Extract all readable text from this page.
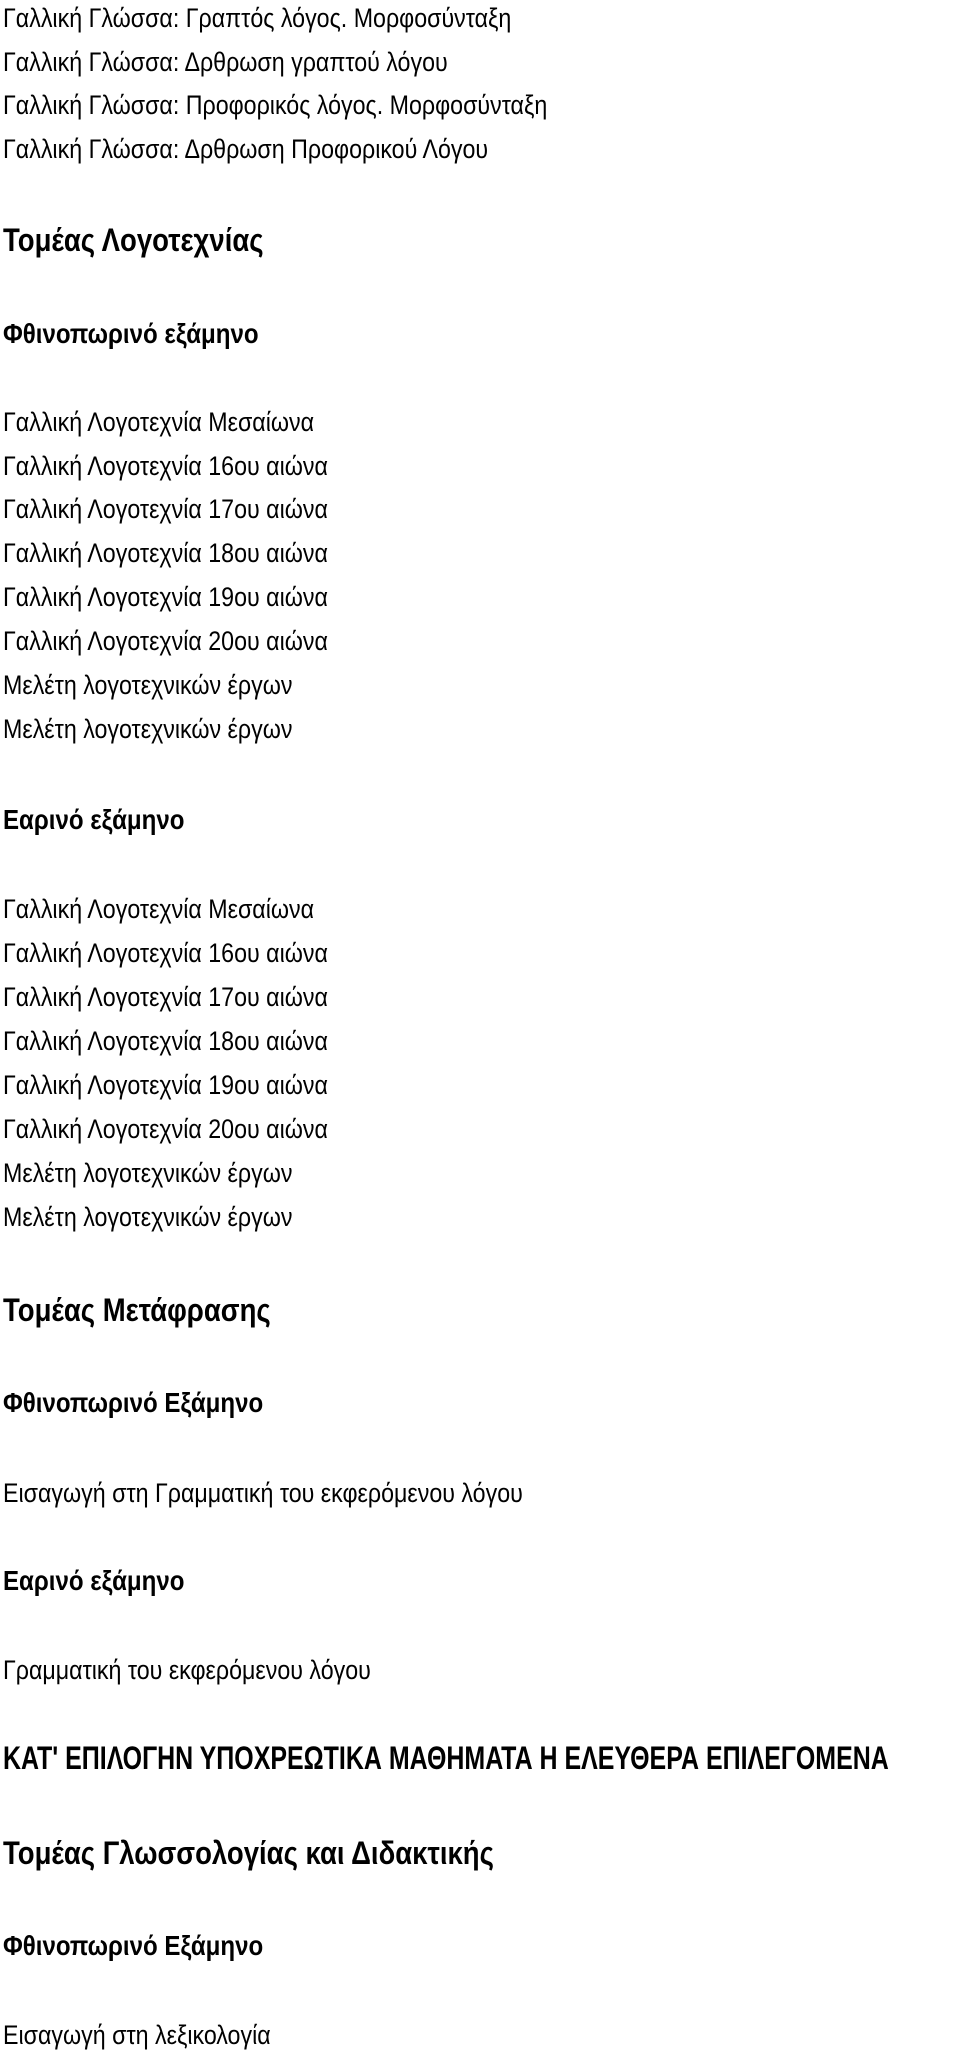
Γαλλική Γλώσσα: Γραπτός λόγος. Μορφοσύνταξη
Γαλλική Γλώσσα: Δρθρωση γραπτού λόγου
Γαλλική Γλώσσα: Προφορικός λόγος. Μορφοσύνταξη
Γαλλική Γλώσσα: Δρθρωση Προφορικού Λόγου
Τομέας Λογοτεχνίας
Φθινοπωρινό εξάμηνο
Γαλλική Λογοτεχνία Μεσαίωνα
Γαλλική Λογοτεχνία 16ου αιώνα
Γαλλική Λογοτεχνία 17ου αιώνα
Γαλλική Λογοτεχνία 18ου αιώνα
Γαλλική Λογοτεχνία 19ου αιώνα
Γαλλική Λογοτεχνία 20ου αιώνα
Μελέτη λογοτεχνικών έργων
Μελέτη λογοτεχνικών έργων
Εαρινό εξάμηνο
Γαλλική Λογοτεχνία Μεσαίωνα
Γαλλική Λογοτεχνία 16ου αιώνα
Γαλλική Λογοτεχνία 17ου αιώνα
Γαλλική Λογοτεχνία 18ου αιώνα
Γαλλική Λογοτεχνία 19ου αιώνα
Γαλλική Λογοτεχνία 20ου αιώνα
Μελέτη λογοτεχνικών έργων
Μελέτη λογοτεχνικών έργων
Τομέας Μετάφρασης
Φθινοπωρινό Εξάμηνο
Εισαγωγή στη Γραμματική του εκφερόμενου λόγου
Εαρινό εξάμηνο
Γραμματική του εκφερόμενου λόγου
ΚΑΤ' ΕΠΙΛΟΓΗΝ ΥΠΟΧΡΕΩΤΙΚΑ ΜΑΘΗΜΑΤΑ Η ΕΛΕΥΘΕΡΑ ΕΠΙΛΕΓΟΜΕΝΑ
Τομέας Γλωσσολογίας και Διδακτικής
Φθινοπωρινό Εξάμηνο
Εισαγωγή στη λεξικολογία
